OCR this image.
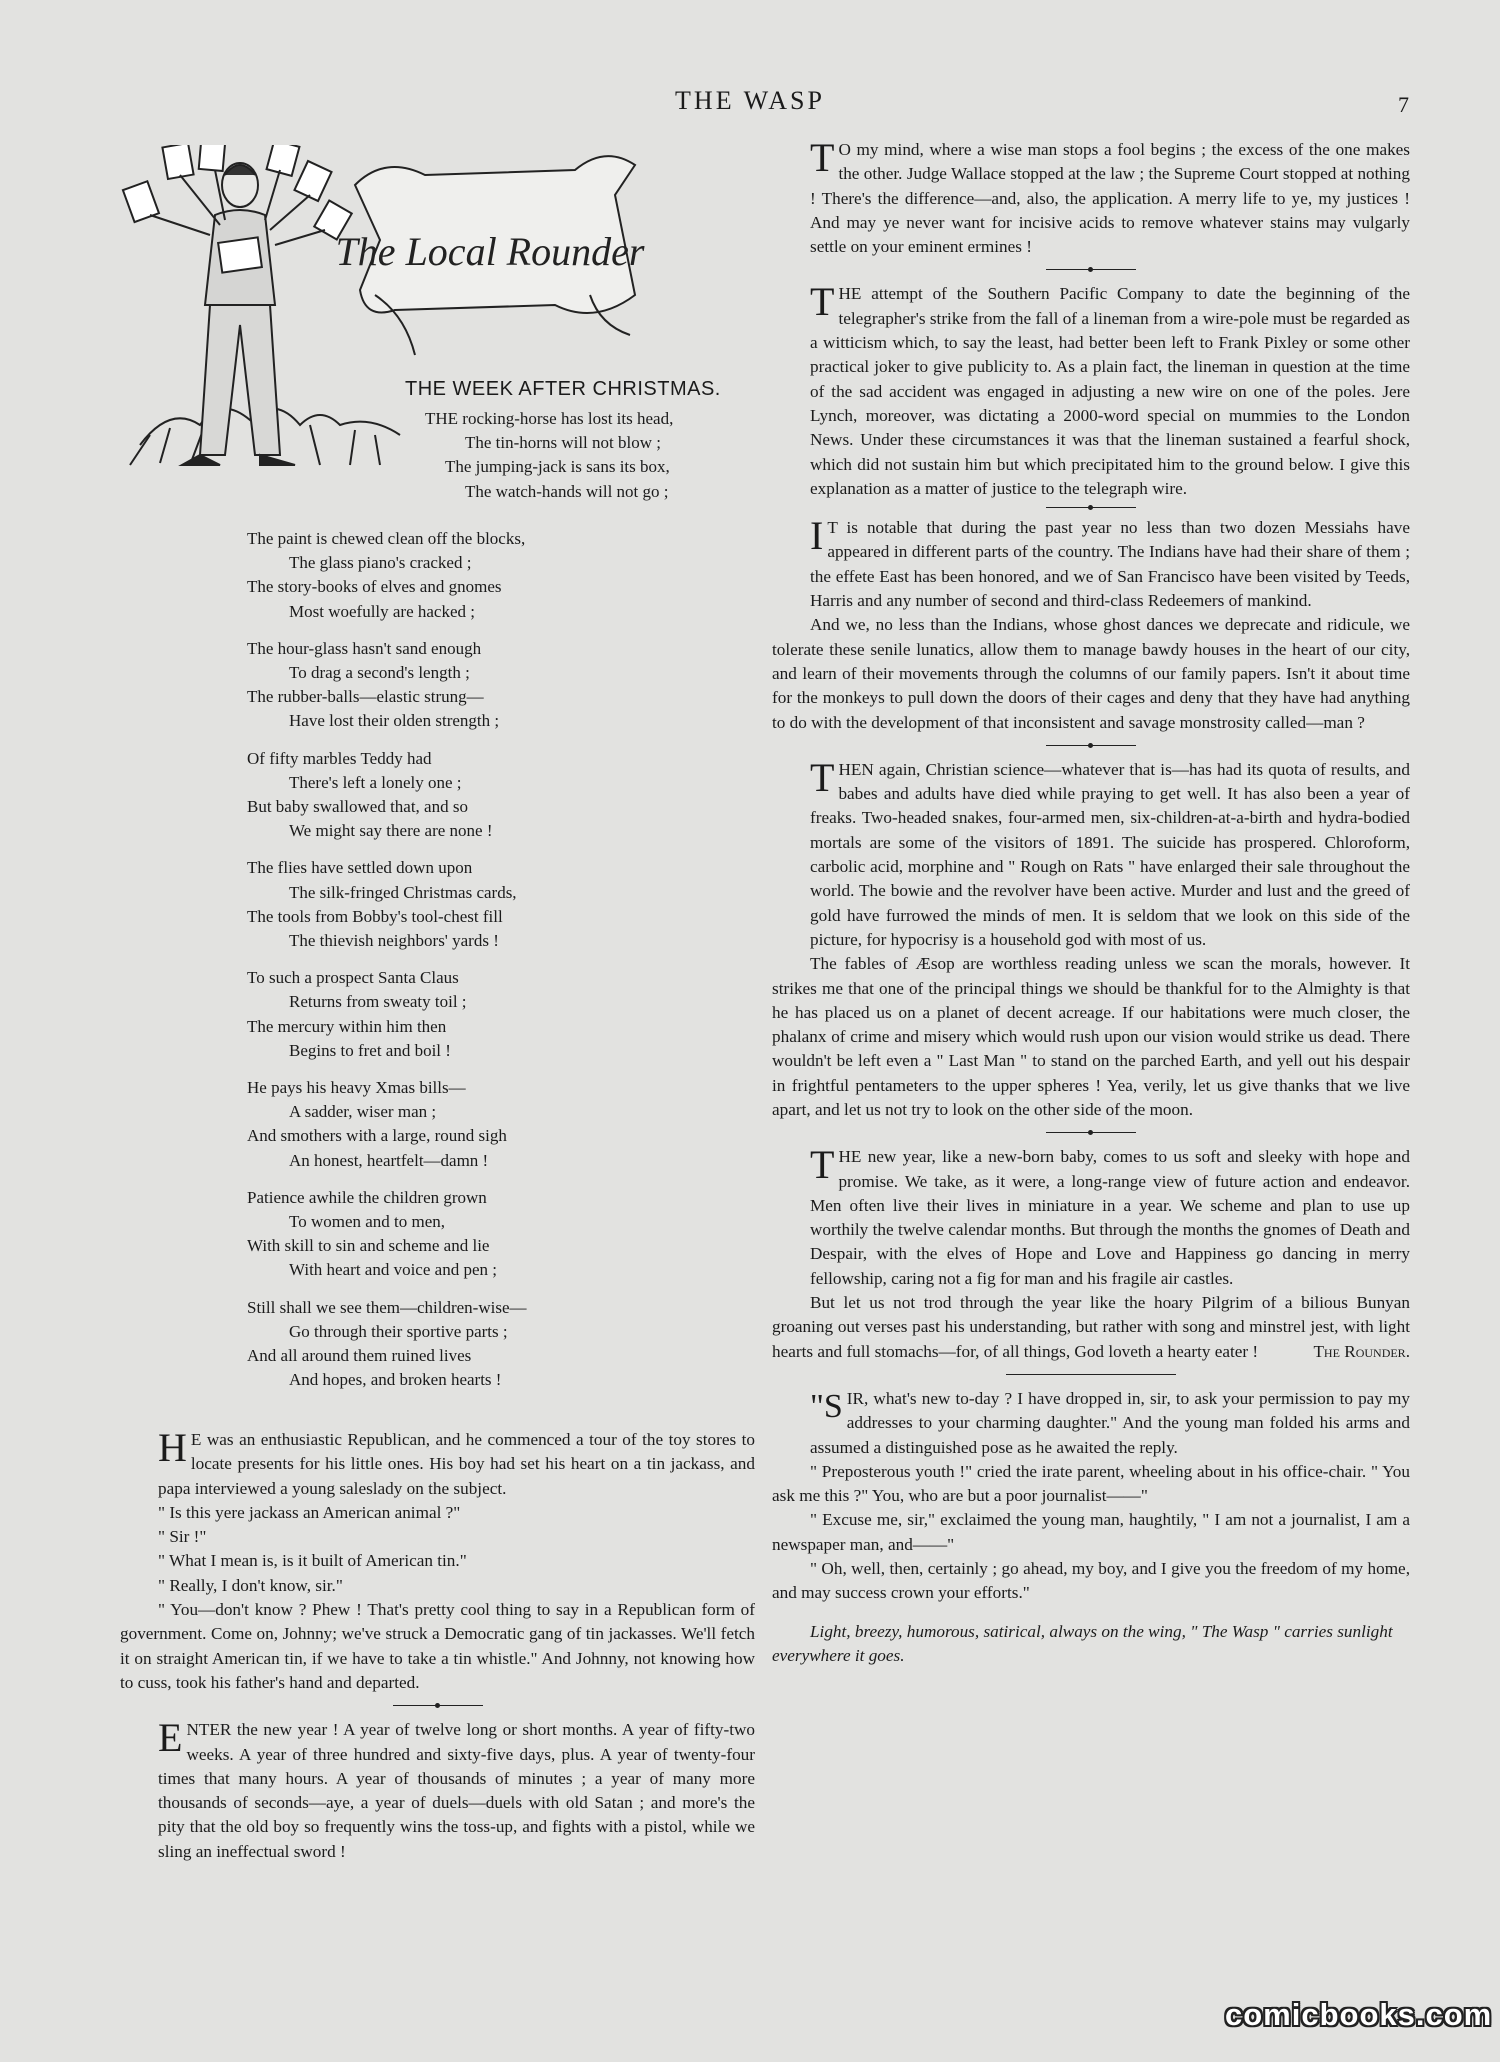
THE WASP	7
The Local Rounder
THE WEEK AFTER CHRISTMAS.
THE rocking-horse has lost its head,
The tin-horns will not blow ;
The jumping-jack is sans its box,
The watch-hands will not go ;
The paint is chewed clean off the blocks,
The glass piano's cracked ;
The story-books of elves and gnomes
Most woefully are hacked ;
The hour-glass hasn't sand enough
To drag a second's length ;
The rubber-balls—elastic strung—
Have lost their olden strength ;
Of fifty marbles Teddy had
There's left a lonely one ;
But baby swallowed that, and so
We might say there are none !
The flies have settled down upon
The silk-fringed Christmas cards,
The tools from Bobby's tool-chest fill
The thievish neighbors' yards !
To such a prospect Santa Claus
Returns from sweaty toil ;
The mercury within him then
Begins to fret and boil !
He pays his heavy Xmas bills—
A sadder, wiser man ;
And smothers with a large, round sigh
An honest, heartfelt—damn !
Patience awhile the children grown
To women and to men,
With skill to sin and scheme and lie
With heart and voice and pen ;
Still shall we see them—children-wise—
Go through their sportive parts ;
And all around them ruined lives
And hopes, and broken hearts !

H E was an enthusiastic Republican, and he commenced a tour of the toy stores to locate presents for his little ones. His boy had set his heart on a tin jackass, and papa interviewed a young saleslady on the subject.

" Is this yere jackass an American animal ?"

" Sir !"

" What I mean is, is it built of American tin."

" Really, I don't know, sir."

" You—don't know ? Phew ! That's pretty cool thing to say in a Republican form of government. Come on, Johnny; we've struck a Democratic gang of tin jackasses. We'll fetch it on straight American tin, if we have to take a tin whistle." And Johnny, not knowing how to cuss, took his father's hand and departed.

ENTER the new year ! A year of twelve long or short months. A year of fifty-two weeks. A year of three hundred and sixty-five days, plus. A year of twenty-four times that many hours. A year of thousands of minutes ; a year of many more thousands of seconds—aye, a year of duels—duels with old Satan ; and more's the pity that the old boy so frequently wins the toss-up, and fights with a pistol, while we sling an ineffectual sword !

T O my mind, where a wise man stops a fool begins ; the excess of the one makes the other. Judge Wallace stopped at the law ; the Supreme Court stopped at nothing ! There's the difference—and, also, the application. A merry life to ye, my justices ! And may ye never want for incisive acids to remove whatever stains may vulgarly settle on your eminent ermines !

THE attempt of the Southern Pacific Company to date the beginning of the telegrapher's strike from the fall of a lineman from a wire-pole must be regarded as a witticism which, to say the least, had better been left to Frank Pixley or some other practical joker to give publicity to. As a plain fact, the lineman in question at the time of the sad accident was engaged in adjusting a new wire on one of the poles. Jere Lynch, moreover, was dictating a 2000-word special on mummies to the London News. Under these circumstances it was that the lineman sustained a fearful shock, which did not sustain him but which precipitated him to the ground below. I give this explanation as a matter of justice to the telegraph wire.

I T is notable that during the past year no less than two dozen Messiahs have appeared in different parts of the country. The Indians have had their share of them ; the effete East has been honored, and we of San Francisco have been visited by Teeds, Harris and any number of second and third-class Redeemers of mankind.

And we, no less than the Indians, whose ghost dances we deprecate and ridicule, we tolerate these senile lunatics, allow them to manage bawdy houses in the heart of our city, and learn of their movements through the columns of our family papers. Isn't it about time for the monkeys to pull down the doors of their cages and deny that they have had anything to do with the development of that inconsistent and savage monstrosity called—man ?

THEN again, Christian science—whatever that is—has had its quota of results, and babes and adults have died while praying to get well. It has also been a year of freaks. Two-headed snakes, four-armed men, six-children-at-a-birth and hydra-bodied mortals are some of the visitors of 1891. The suicide has prospered. Chloroform, carbolic acid, morphine and " Rough on Rats " have enlarged their sale throughout the world. The bowie and the revolver have been active. Murder and lust and the greed of gold have furrowed the minds of men. It is seldom that we look on this side of the picture, for hypocrisy is a household god with most of us.

The fables of Æsop are worthless reading unless we scan the morals, however. It strikes me that one of the principal things we should be thankful for to the Almighty is that he has placed us on a planet of decent acreage. If our habitations were much closer, the phalanx of crime and misery which would rush upon our vision would strike us dead. There wouldn't be left even a " Last Man " to stand on the parched Earth, and yell out his despair in frightful pentameters to the upper spheres ! Yea, verily, let us give thanks that we live apart, and let us not try to look on the other side of the moon.

THE new year, like a new-born baby, comes to us soft and sleeky with hope and promise. We take, as it were, a long-range view of future action and endeavor. Men often live their lives in miniature in a year. We scheme and plan to use up worthily the twelve calendar months. But through the months the gnomes of Death and Despair, with the elves of Hope and Love and Happiness go dancing in merry fellowship, caring not a fig for man and his fragile air castles.

But let us not trod through the year like the hoary Pilgrim of a bilious Bunyan groaning out verses past his understanding, but rather with song and minstrel jest, with light hearts and full stomachs—for, of all things, God loveth a hearty eater !	The Rounder.

"SIR, what's new to-day ? I have dropped in, sir, to ask your permission to pay my addresses to your charming daughter." And the young man folded his arms and assumed a distinguished pose as he awaited the reply.

" Preposterous youth !" cried the irate parent, wheeling about in his office-chair. " You ask me this ?" You, who are but a poor journalist——"

" Excuse me, sir," exclaimed the young man, haughtily, " I am not a journalist, I am a newspaper man, and——"

" Oh, well, then, certainly ; go ahead, my boy, and I give you the freedom of my home, and may success crown your efforts."

Light, breezy, humorous, satirical, always on the wing, " The Wasp " carries sunlight everywhere it goes.

comicbooks.com
